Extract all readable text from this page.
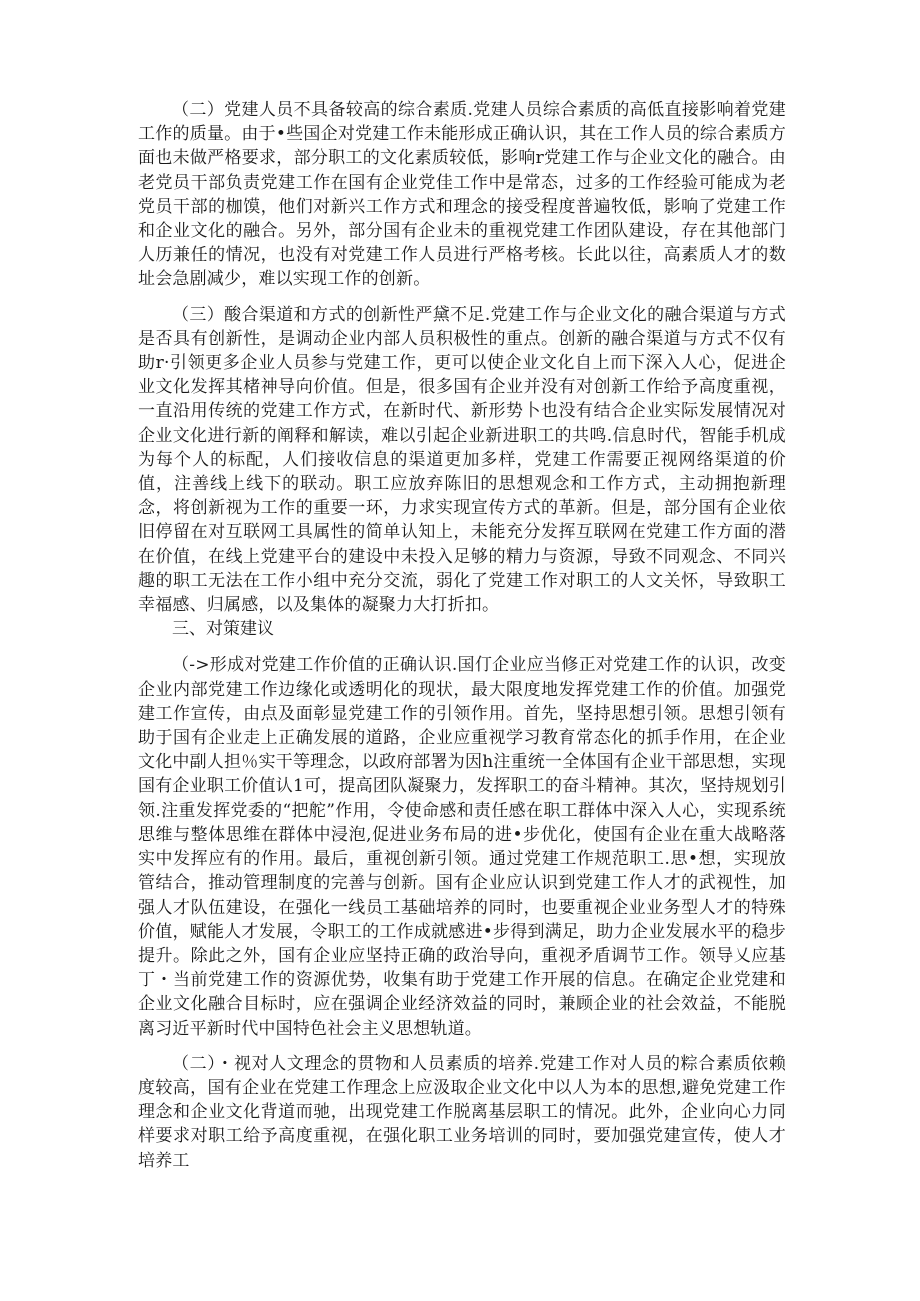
（二）党建人员不具备较高的综合素质.党建人员综合素质的高低直接影响着党建工作的质量。由于•些国企对党建工作未能形成正确认识，其在工作人员的综合素质方面也未做严格要求，部分职工的文化素质较低，影响r党建工作与企业文化的融合。由老党员干部负责党建工作在国有企业党佳工作中是常态，过多的工作经验可能成为老党员干部的枷馍，他们对新兴工作方式和理念的接受程度普遍牧低，影响了党建工作和企业文化的融合。另外，部分国有企业未的重视党建工作团队建设，存在其他部门人历兼任的情况，也没有对党建工作人员进行严格考核。长此以往，高素质人才的数址会急剧减少，难以实现工作的创新。

（三）酸合渠道和方式的创新性严黛不足.党建工作与企业文化的融合渠道与方式是否具有创新性，是调动企业内部人员积极性的重点。创新的融合渠道与方式不仅有助r·引领更多企业人员参与党建工作，更可以使企业文化自上而下深入人心，促进企业文化发挥其楮神导向价值。但是，很多国有企业并没有对创新工作给予高度重视，一直沿用传统的党建工作方式，在新时代、新形势卜也没有结合企业实际发展情况对企业文化进行新的阐释和解读，难以引起企业新进职工的共鸣.信息时代，智能手机成为每个人的标配，人们接收信息的渠道更加多样，党建工作需要正视网络渠道的价值，注善线上线下的联动。职工应放弃陈旧的思想观念和工作方式，主动拥抱新理念，将创新视为工作的重要一环，力求实现宣传方式的革新。但是，部分国有企业依旧停留在对互联网工具属性的简单认知上，未能充分发挥互联网在党建工作方面的潜在价值，在线上党建平台的建设中未投入足够的精力与资源，导致不同观念、不同兴趣的职工无法在工作小组中充分交流，弱化了党建工作对职工的人文关怀，导致职工幸福感、归属感，以及集体的凝聚力大打折扣。

三、对策建议

（->形成对党建工作价值的正确认识.国仃企业应当修正对党建工作的认识，改变企业内部党建工作边缘化或透明化的现状，最大限度地发挥党建工作的价值。加强党建工作宣传，由点及面彰显党建工作的引领作用。首先，坚持思想引领。思想引领有助于国有企业走上正确发展的道路，企业应重视学习教育常态化的抓手作用，在企业文化中副人担％实干等理念，以政府部署为因h注重统一全体国有企业干部思想，实现国有企业职工价值认1可，提高团队凝聚力，发挥职工的奋斗精神。其次，坚持规划引领.注重发挥党委的“把舵”作用，令使命感和责任感在职工群体中深入人心，实现系统思维与整体思维在群体中浸泡,促进业务布局的进•步优化，使国有企业在重大战略落实中发挥应有的作用。最后，重视创新引领。通过党建工作规范职工.思•想，实现放管结合，推动管理制度的完善与创新。国有企业应认识到党建工作人才的武视性，加强人才队伍建设，在强化一线员工基础培养的同时，也要重视企业业务型人才的特殊价值，赋能人才发展，令职工的工作成就感进•步得到满足，助力企业发展水平的稳步提升。除此之外，国有企业应坚持正确的政治导向，重视矛盾调节工作。领导乂应基丁・当前党建工作的资源优势，收集有助于党建工作开展的信息。在确定企业党建和企业文化融合目标时，应在强调企业经济效益的同时，兼顾企业的社会效益，不能脱离习近平新时代中国特色社会主义思想轨道。

（二）・视对人文理念的贯物和人员素质的培养.党建工作对人员的粽合素质依赖度较高，国有企业在党建工作理念上应汲取企业文化中以人为本的思想,避免党建工作理念和企业文化背道而驰，出现党建工作脱离基层职工的情况。此外，企业向心力同样要求对职工给予高度重视，在强化职工业务培训的同时，要加强党建宣传，使人才培养工
